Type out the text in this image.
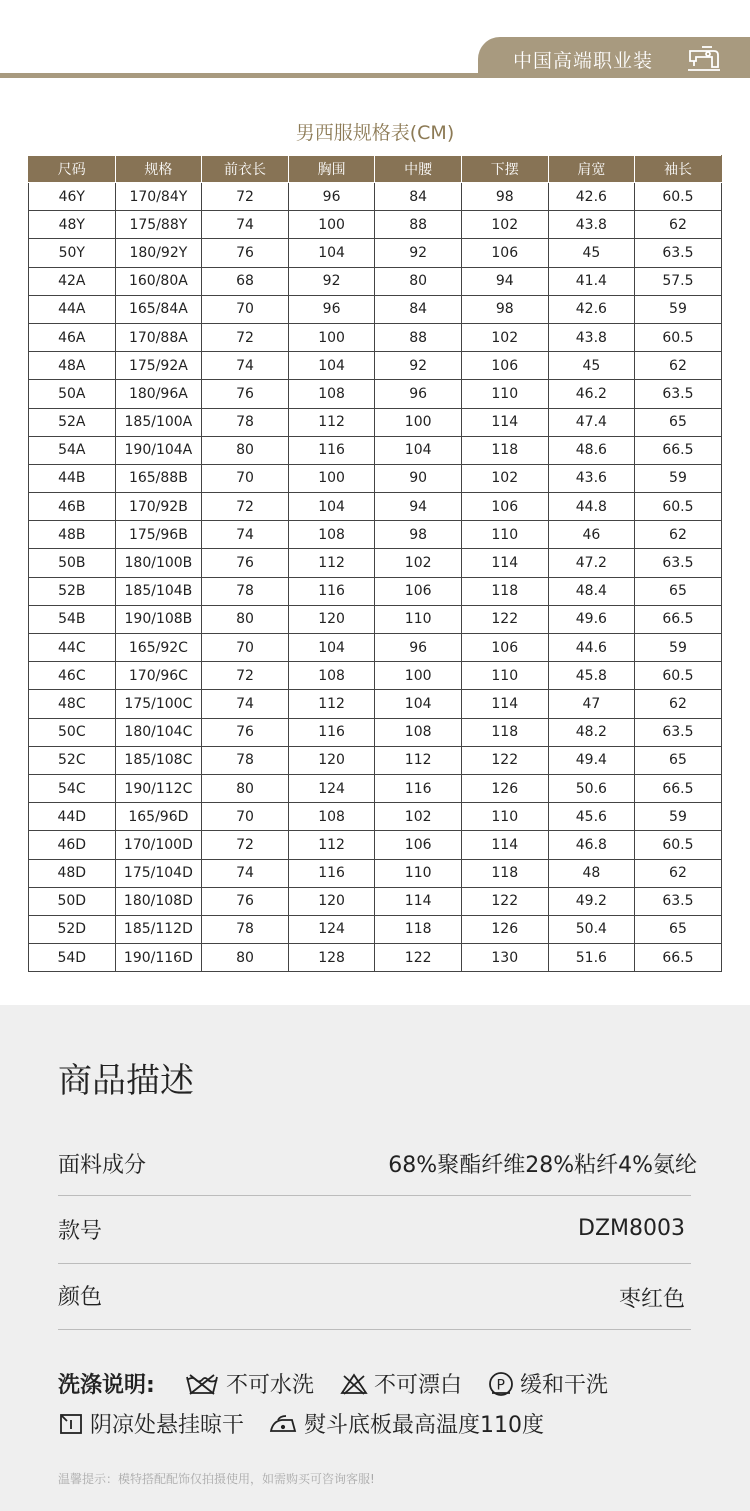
中国高端职业装
男西服规格表(CM)
尺码	规格	前衣长	胸围	中腰	下摆	肩宽	袖长
46Y	170/84Y	72	96	84	98	42.6	60.5
48Y	175/88Y	74	100	88	102	43.8	62
50Y	180/92Y	76	104	92	106	45	63.5
42A	160/80A	68	92	80	94	41.4	57.5
44A	165/84A	70	96	84	98	42.6	59
46A	170/88A	72	100	88	102	43.8	60.5
48A	175/92A	74	104	92	106	45	62
50A	180/96A	76	108	96	110	46.2	63.5
52A	185/100A	78	112	100	114	47.4	65
54A	190/104A	80	116	104	118	48.6	66.5
44B	165/88B	70	100	90	102	43.6	59
46B	170/92B	72	104	94	106	44.8	60.5
48B	175/96B	74	108	98	110	46	62
50B	180/100B	76	112	102	114	47.2	63.5
52B	185/104B	78	116	106	118	48.4	65
54B	190/108B	80	120	110	122	49.6	66.5
44C	165/92C	70	104	96	106	44.6	59
46C	170/96C	72	108	100	110	45.8	60.5
48C	175/100C	74	112	104	114	47	62
50C	180/104C	76	116	108	118	48.2	63.5
52C	185/108C	78	120	112	122	49.4	65
54C	190/112C	80	124	116	126	50.6	66.5
44D	165/96D	70	108	102	110	45.6	59
46D	170/100D	72	112	106	114	46.8	60.5
48D	175/104D	74	116	110	118	48	62
50D	180/108D	76	120	114	122	49.2	63.5
52D	185/112D	78	124	118	126	50.4	65
54D	190/116D	80	128	122	130	51.6	66.5
商品描述
面料成分	68%聚酯纤维28%粘纤4%氨纶
款号	DZM8003
颜色	枣红色
洗涤说明:	不可水洗	不可漂白 P 缓和干洗
阴凉处悬挂晾干	熨斗底板最高温度110度
温馨提示：模特搭配配饰仅拍摄使用，如需购买可咨询客服!
